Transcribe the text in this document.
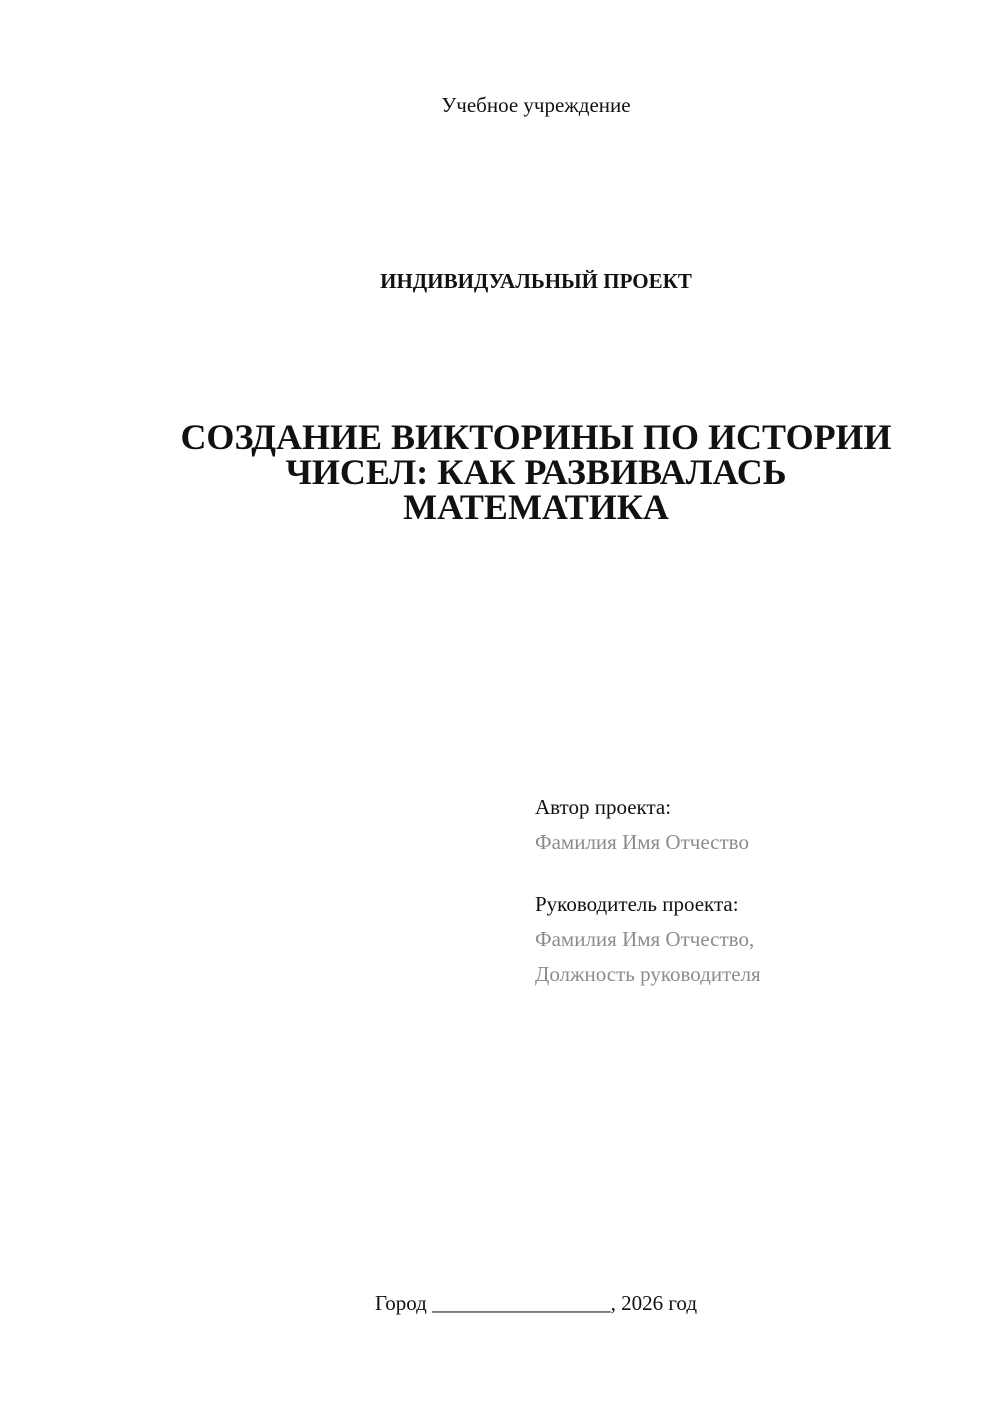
Учебное учреждение
ИНДИВИДУАЛЬНЫЙ ПРОЕКТ
СОЗДАНИЕ ВИКТОРИНЫ ПО ИСТОРИИ
ЧИСЕЛ: КАК РАЗВИВАЛАСЬ
МАТЕМАТИКА
Автор проекта:
Фамилия Имя Отчество
Руководитель проекта:
Фамилия Имя Отчество,
Должность руководителя
Город _________________, 2026 год
